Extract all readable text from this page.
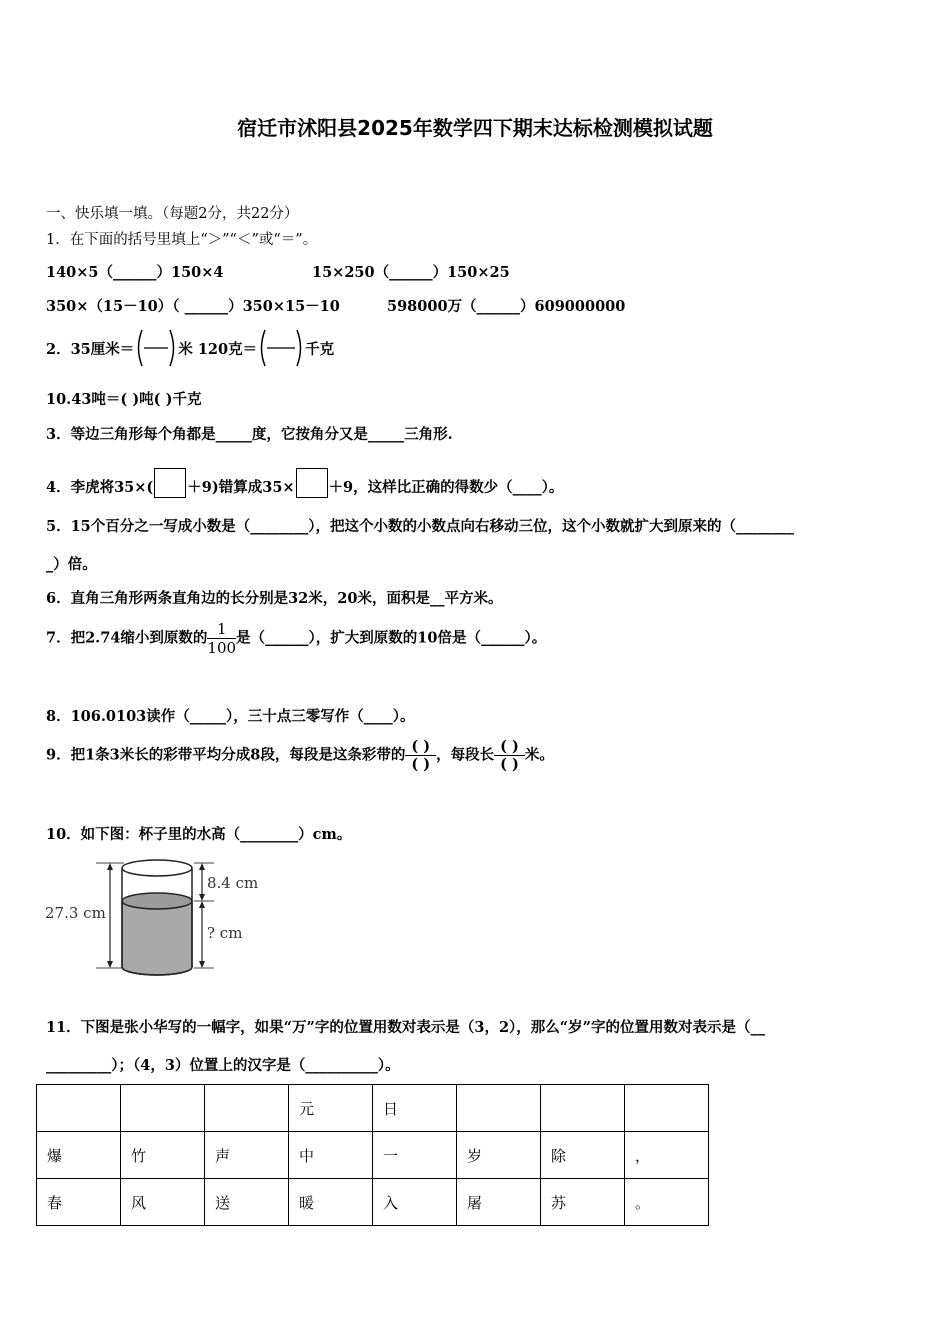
宿迁市沭阳县2025年数学四下期末达标检测模拟试题
一、快乐填一填。（每题2分，共22分）
1．在下面的括号里填上“＞”“＜”或“＝”。
140×5（______）150×4	15×250（______）150×25
350×（15－10）（ ______）350×15－10	598000万（______）609000000
2．35厘米＝	米 120克＝	千克
10.43吨＝( )吨( )千克
3．等边三角形每个角都是_____度，它按角分又是_____三角形.
4．李虎将35×( ＋9)错算成35× ＋9，这样比正确的得数少（____）。
5．15个百分之一写成小数是（________），把这个小数的小数点向右移动三位，这个小数就扩大到原来的（________
_）倍。
6．直角三角形两条直角边的长分别是32米，20米，面积是__平方米。
7．把2.74缩小到原数的 $\frac{1}{100}$ 是（______），扩大到原数的10倍是（______）。
8．106.0103读作（_____），三十点三零写作（____）。
9．把1条3米长的彩带平均分成8段，每段是这条彩带的 $\frac{( )}{( )}$ ，每段长 $\frac{( )}{( )}$ 米。
10．如下图：杯子里的水高（________）cm。
27.3 cm
8.4 cm
? cm
11．下图是张小华写的一幅字，如果“万”字的位置用数对表示是（3，2），那么“岁”字的位置用数对表示是（__
_________）；（4，3）位置上的汉字是（__________）。
			元	日			
爆	竹	声	中	一	岁	除	，
春	风	送	暖	入	屠	苏	。
